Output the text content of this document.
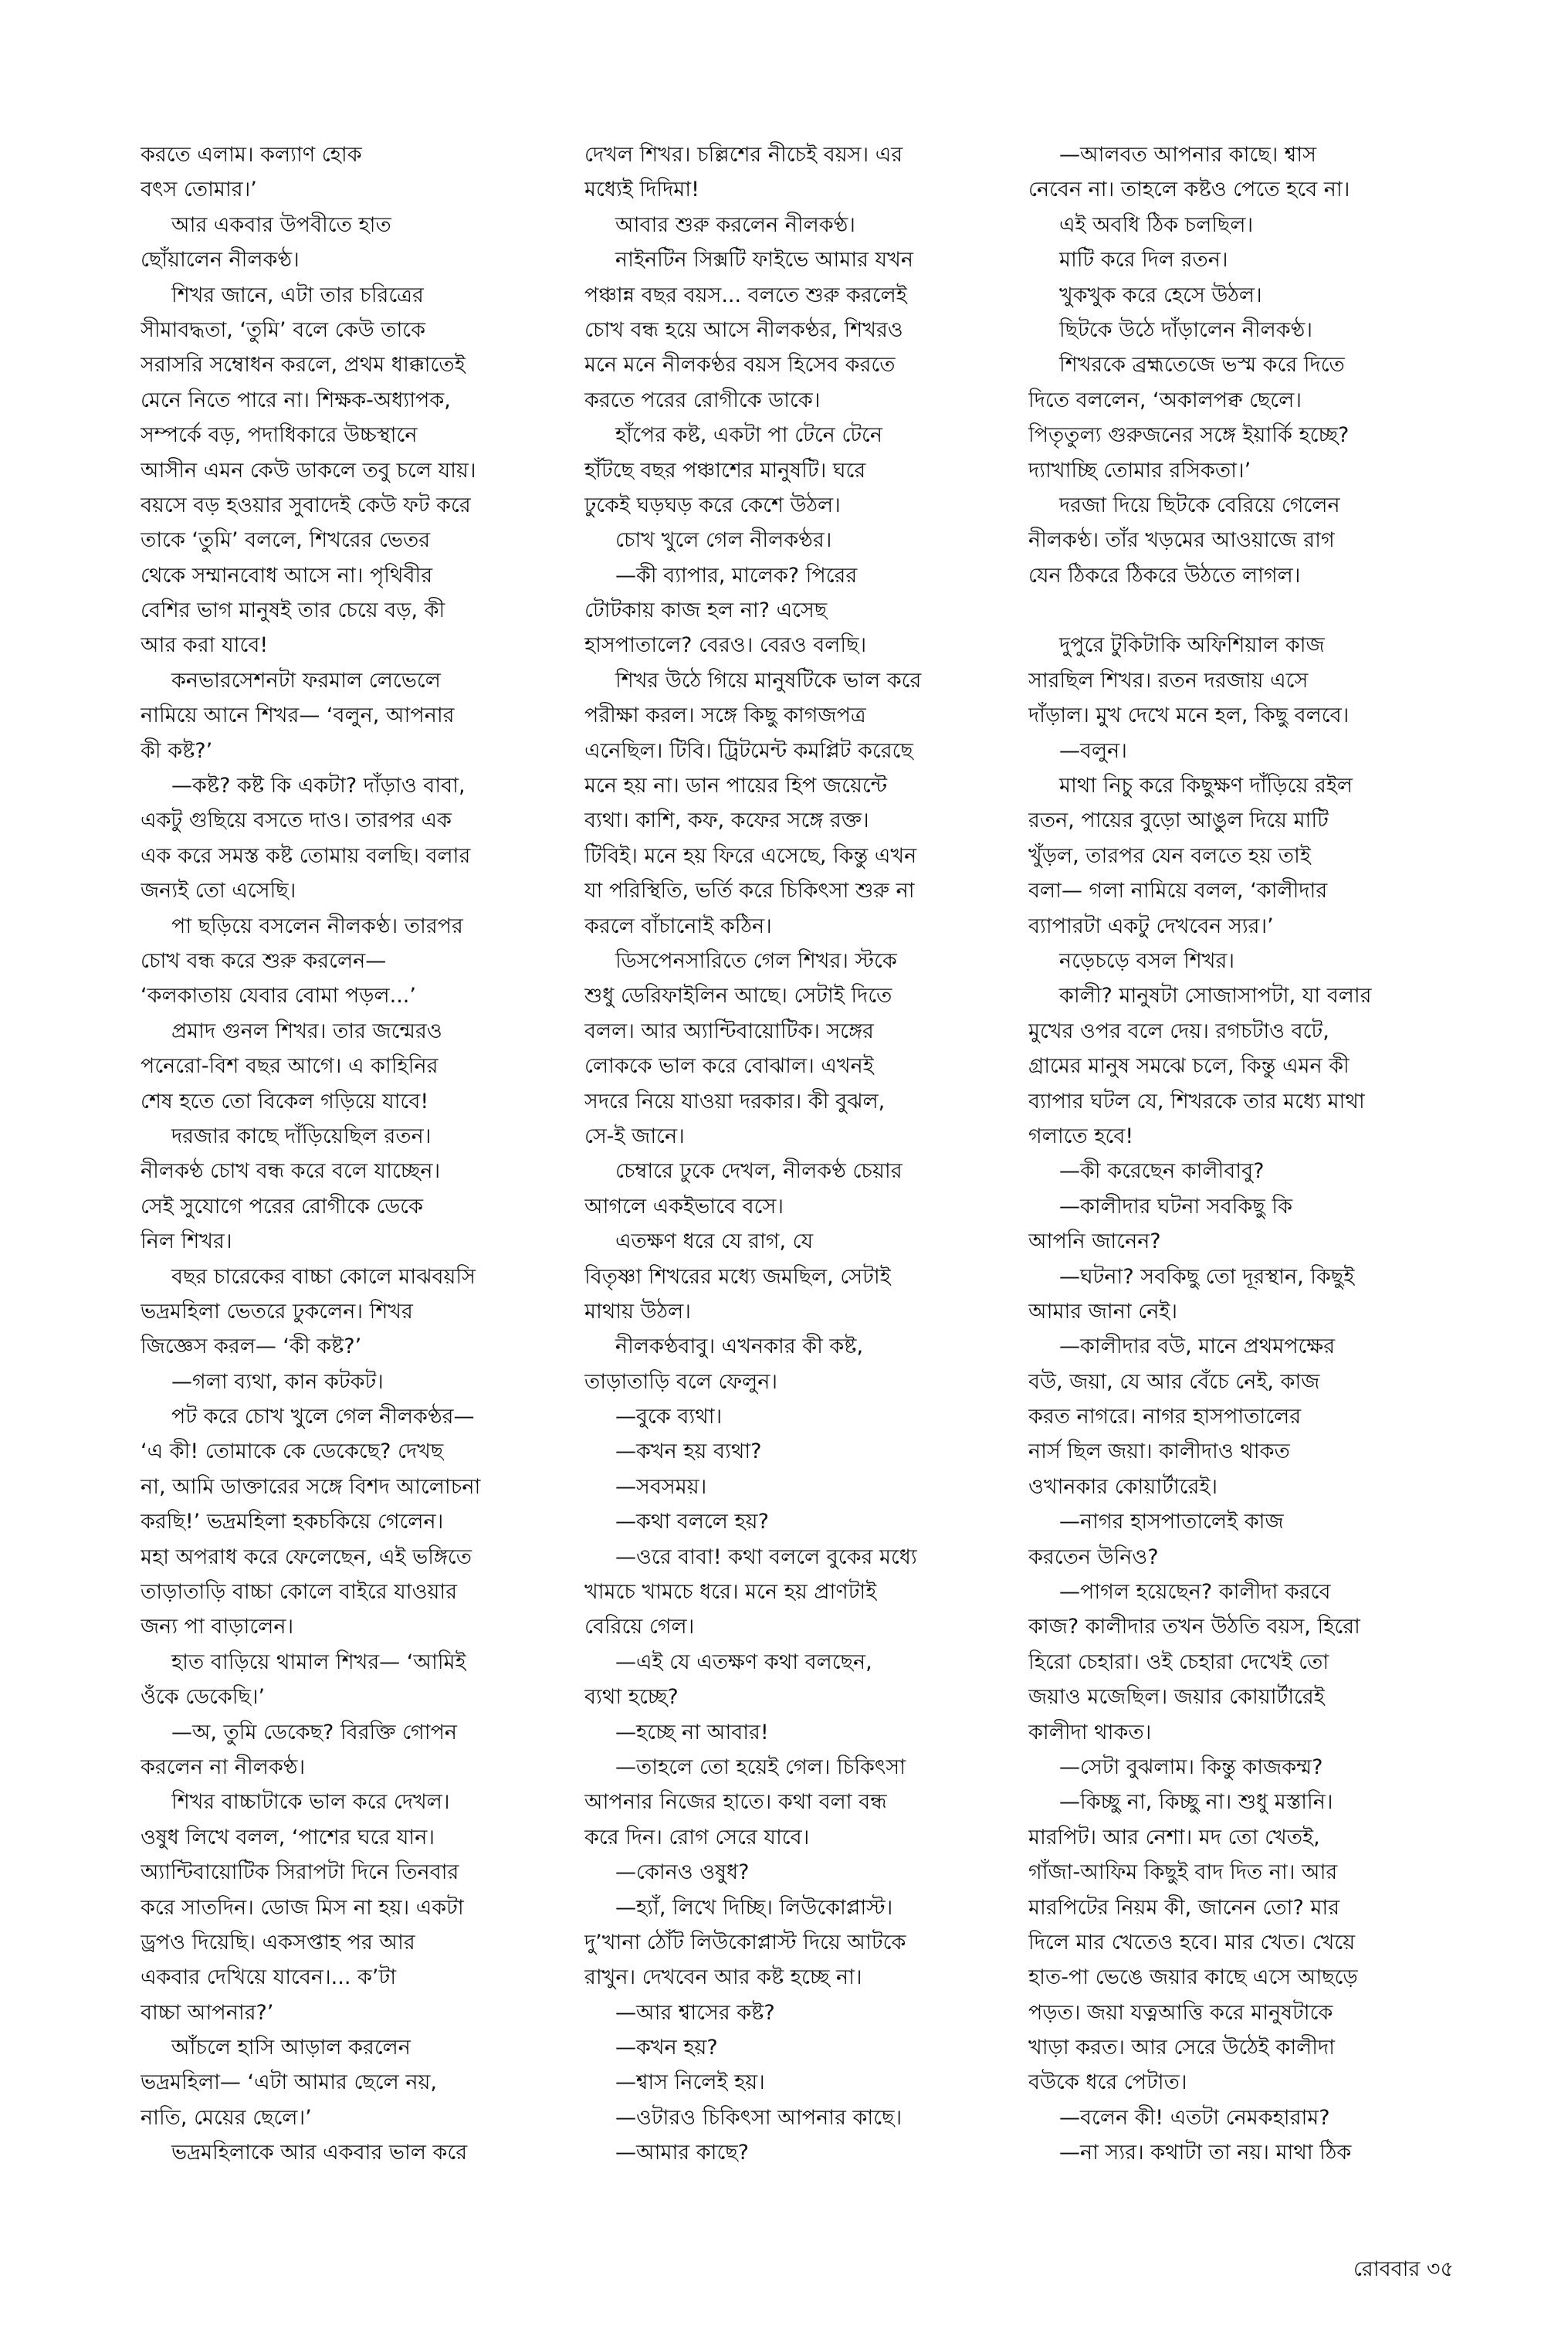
করতে এলাম। কল্যাণ হোক
বৎস তোমার।’
আর একবার উপবীতে হাত
ছোঁয়ালেন নীলকণ্ঠ।
শিখর জানে, এটা তার চরিত্রের
সীমাবদ্ধতা, ‘তুমি’ বলে কেউ তাকে
সরাসরি সম্বোধন করলে, প্রথম ধাক্কাতেই
মেনে নিতে পারে না। শিক্ষক-অধ্যাপক,
সম্পর্কে বড়, পদাধিকারে উচ্চস্থানে
আসীন এমন কেউ ডাকলে তবু চলে যায়।
বয়সে বড় হওয়ার সুবাদেই কেউ ফট করে
তাকে ‘তুমি’ বললে, শিখরের ভেতর
থেকে সম্মানবোধ আসে না। পৃথিবীর
বেশির ভাগ মানুষই তার চেয়ে বড়, কী
আর করা যাবে!
কনভারসেশনটা ফরমাল লেভেলে
নামিয়ে আনে শিখর— ‘বলুন, আপনার
কী কষ্ট?’
—কষ্ট? কষ্ট কি একটা? দাঁড়াও বাবা,
একটু গুছিয়ে বসতে দাও। তারপর এক
এক করে সমস্ত কষ্ট তোমায় বলছি। বলার
জন্যই তো এসেছি।
পা ছড়িয়ে বসলেন নীলকণ্ঠ। তারপর
চোখ বন্ধ করে শুরু করলেন—
‘কলকাতায় যেবার বোমা পড়ল...’
প্রমাদ গুনল শিখর। তার জন্মেরও
পনেরো-বিশ বছর আগে। এ কাহিনির
শেষ হতে তো বিকেল গড়িয়ে যাবে!
দরজার কাছে দাঁড়িয়েছিল রতন।
নীলকণ্ঠ চোখ বন্ধ করে বলে যাচ্ছেন।
সেই সুযোগে পরের রোগীকে ডেকে
নিল শিখর।
বছর চারেকের বাচ্চা কোলে মাঝবয়সি
ভদ্রমহিলা ভেতরে ঢুকলেন। শিখর
জিজ্ঞেস করল— ‘কী কষ্ট?’
—গলা ব্যথা, কান কটকট।
পট করে চোখ খুলে গেল নীলকণ্ঠর—
‘এ কী! তোমাকে কে ডেকেছে? দেখছ
না, আমি ডাক্তারের সঙ্গে বিশদ আলোচনা
করছি!’ ভদ্রমহিলা হকচকিয়ে গেলেন।
মহা অপরাধ করে ফেলেছেন, এই ভঙ্গিতে
তাড়াতাড়ি বাচ্চা কোলে বাইরে যাওয়ার
জন্য পা বাড়ালেন।
হাত বাড়িয়ে থামাল শিখর— ‘আমিই
ওঁকে ডেকেছি।’
—অ, তুমি ডেকেছ? বিরক্তি গোপন
করলেন না নীলকণ্ঠ।
শিখর বাচ্চাটাকে ভাল করে দেখল।
ওষুধ লিখে বলল, ‘পাশের ঘরে যান।
অ্যান্টিবায়োটিক সিরাপটা দিনে তিনবার
করে সাতদিন। ডোজ মিস না হয়। একটা
ড্রপও দিয়েছি। একসপ্তাহ পর আর
একবার দেখিয়ে যাবেন।... ক’টা
বাচ্চা আপনার?’
আঁচলে হাসি আড়াল করলেন
ভদ্রমহিলা— ‘এটা আমার ছেলে নয়,
নাতি, মেয়ের ছেলে।’
ভদ্রমহিলাকে আর একবার ভাল করে
দেখল শিখর। চল্লিশের নীচেই বয়স। এর
মধ্যেই দিদিমা!
আবার শুরু করলেন নীলকণ্ঠ।
নাইনটিন সিক্সটি ফাইভে আমার যখন
পঞ্চান্ন বছর বয়স... বলতে শুরু করলেই
চোখ বন্ধ হয়ে আসে নীলকণ্ঠর, শিখরও
মনে মনে নীলকণ্ঠর বয়স হিসেব করতে
করতে পরের রোগীকে ডাকে।
হাঁপের কষ্ট, একটা পা টেনে টেনে
হাঁটছে বছর পঞ্চাশের মানুষটি। ঘরে
ঢুকেই ঘড়ঘড় করে কেশে উঠল।
চোখ খুলে গেল নীলকণ্ঠর।
—কী ব্যাপার, মালেক? পিরের
টোটকায় কাজ হল না? এসেছ
হাসপাতালে? বেরও। বেরও বলছি।
শিখর উঠে গিয়ে মানুষটিকে ভাল করে
পরীক্ষা করল। সঙ্গে কিছু কাগজপত্র
এনেছিল। টিবি। ট্রিটমেন্ট কমপ্লিট করেছে
মনে হয় না। ডান পায়ের হিপ জয়েন্টে
ব্যথা। কাশি, কফ, কফের সঙ্গে রক্ত।
টিবিই। মনে হয় ফিরে এসেছে, কিন্তু এখন
যা পরিস্থিতি, ভর্তি করে চিকিৎসা শুরু না
করলে বাঁচানোই কঠিন।
ডিসপেনসারিতে গেল শিখর। স্টকে
শুধু ডেরিফাইলিন আছে। সেটাই দিতে
বলল। আর অ্যান্টিবায়োটিক। সঙ্গের
লোককে ভাল করে বোঝাল। এখনই
সদরে নিয়ে যাওয়া দরকার। কী বুঝল,
সে-ই জানে।
চেম্বারে ঢুকে দেখল, নীলকণ্ঠ চেয়ার
আগলে একইভাবে বসে।
এতক্ষণ ধরে যে রাগ, যে
বিতৃষ্ণা শিখরের মধ্যে জমছিল, সেটাই
মাথায় উঠল।
নীলকণ্ঠবাবু। এখনকার কী কষ্ট,
তাড়াতাড়ি বলে ফেলুন।
—বুকে ব্যথা।
—কখন হয় ব্যথা?
—সবসময়।
—কথা বললে হয়?
—ওরে বাবা! কথা বললে বুকের মধ্যে
খামচে খামচে ধরে। মনে হয় প্রাণটাই
বেরিয়ে গেল।
—এই যে এতক্ষণ কথা বলছেন,
ব্যথা হচ্ছে?
—হচ্ছে না আবার!
—তাহলে তো হয়েই গেল। চিকিৎসা
আপনার নিজের হাতে। কথা বলা বন্ধ
করে দিন। রোগ সেরে যাবে।
—কোনও ওষুধ?
—হ্যাঁ, লিখে দিচ্ছি। লিউকোপ্লাস্ট।
দু’খানা ঠোঁট লিউকোপ্লাস্ট দিয়ে আটকে
রাখুন। দেখবেন আর কষ্ট হচ্ছে না।
—আর শ্বাসের কষ্ট?
—কখন হয়?
—শ্বাস নিলেই হয়।
—ওটারও চিকিৎসা আপনার কাছে।
—আমার কাছে?
—আলবত আপনার কাছে। শ্বাস
নেবেন না। তাহলে কষ্টও পেতে হবে না।
এই অবধি ঠিক চলছিল।
মাটি করে দিল রতন।
খুকখুক করে হেসে উঠল।
ছিটকে উঠে দাঁড়ালেন নীলকণ্ঠ।
শিখরকে ব্রহ্মতেজে ভস্ম করে দিতে
দিতে বললেন, ‘অকালপক্ব ছেলে।
পিতৃতুল্য গুরুজনের সঙ্গে ইয়ার্কি হচ্ছে?
দ্যাখাচ্ছি তোমার রসিকতা।’
দরজা দিয়ে ছিটকে বেরিয়ে গেলেন
নীলকণ্ঠ। তাঁর খড়মের আওয়াজে রাগ
যেন ঠিকরে ঠিকরে উঠতে লাগল।
দুপুরে টুকিটাকি অফিশিয়াল কাজ
সারছিল শিখর। রতন দরজায় এসে
দাঁড়াল। মুখ দেখে মনে হল, কিছু বলবে।
—বলুন।
মাথা নিচু করে কিছুক্ষণ দাঁড়িয়ে রইল
রতন, পায়ের বুড়ো আঙুল দিয়ে মাটি
খুঁড়ল, তারপর যেন বলতে হয় তাই
বলা— গলা নামিয়ে বলল, ‘কালীদার
ব্যাপারটা একটু দেখবেন স্যর।’
নড়েচড়ে বসল শিখর।
কালী? মানুষটা সোজাসাপটা, যা বলার
মুখের ওপর বলে দেয়। রগচটাও বটে,
গ্রামের মানুষ সমঝে চলে, কিন্তু এমন কী
ব্যাপার ঘটল যে, শিখরকে তার মধ্যে মাথা
গলাতে হবে!
—কী করেছেন কালীবাবু?
—কালীদার ঘটনা সবকিছু কি
আপনি জানেন?
—ঘটনা? সবকিছু তো দূরস্থান, কিছুই
আমার জানা নেই।
—কালীদার বউ, মানে প্রথমপক্ষের
বউ, জয়া, যে আর বেঁচে নেই, কাজ
করত নাগরে। নাগর হাসপাতালের
নার্স ছিল জয়া। কালীদাও থাকত
ওখানকার কোয়ার্টারেই।
—নাগর হাসপাতালেই কাজ
করতেন উনিও?
—পাগল হয়েছেন? কালীদা করবে
কাজ? কালীদার তখন উঠতি বয়স, হিরো
হিরো চেহারা। ওই চেহারা দেখেই তো
জয়াও মজেছিল। জয়ার কোয়ার্টারেই
কালীদা থাকত।
—সেটা বুঝলাম। কিন্তু কাজকম্ম?
—কিচ্ছু না, কিচ্ছু না। শুধু মস্তানি।
মারপিট। আর নেশা। মদ তো খেতই,
গাঁজা-আফিম কিছুই বাদ দিত না। আর
মারপিটের নিয়ম কী, জানেন তো? মার
দিলে মার খেতেও হবে। মার খেত। খেয়ে
হাত-পা ভেঙে জয়ার কাছে এসে আছড়ে
পড়ত। জয়া যত্নআত্তি করে মানুষটাকে
খাড়া করত। আর সেরে উঠেই কালীদা
বউকে ধরে পেটাত।
—বলেন কী! এতটা নেমকহারাম?
—না স্যর। কথাটা তা নয়। মাথা ঠিক
রোববার ৩৫
